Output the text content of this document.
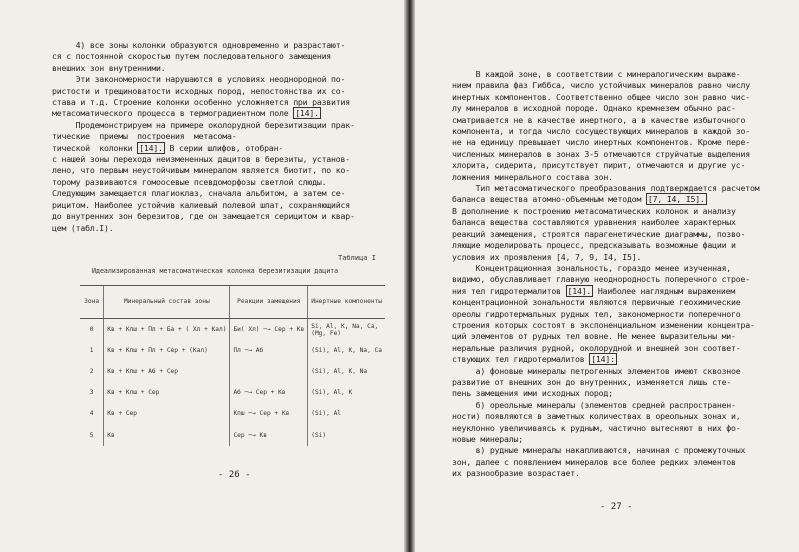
4) все зоны колонки образуются одновременно и разрастают-
ся с постоянной скоростью путем последовательного замещения
внешних зон внутренними.
Эти закономерности нарушаются в условиях неоднородной по-
ристости и трещиноватости исходных пород, непостоянства их со-
става и т.д. Строение колонки особенно усложняется при развития
метасоматического процесса в термоградиентном поле [14].
Продемонстрируем на примере околорудной березитизации прак-
тические  приемы  построения  метасома-
тической  колонки [14]. В серии шлифов, отобран-
с нашей зоны перехода неизмененных дацитов в березиты, установ-
лено, что первым неустойчивым минералом является биотит, по ко-
торому развиваются гомоосевые псевдоморфозы светлой слюды.
Следующим замещается плагиоклаз, сначала альбитом, а затем се-
рицитом. Наиболее устойчив калиевый полевой шпат, сохраняющийся
до внутренних зон березитов, где он замещается серицитом и квар-
цем (табл.I).
Таблица I
Идеализированная метасоматическая колонка березитизации дацита
Зона	Минеральный состав зоны	Реакции замещения	Инертные компоненты
0	Кв + Кпш + Пл + Ба + ( Хл + Кал)	Би( Хл) ─→ Сер + Кв	Si, Al, K, Na, Ca, (Mg, Fe)
1	Кв + Кпш + Пл + Сер + (Кал)	Пл ─→ Аб	(Si), Al, K, Na, Ca
2	Кв + Кпш + Аб + Сер		(Si), Al, K, Na
3	Кв + Кпш + Сер	Аб ─→ Сер + Кв	(Si), Al, K
4	Кв + Сер	Кпш ─→ Сер + Кв	(Si), Al
5	Кв	Сер ─→ Кв	(Si)
- 26 -
В каждой зоне, в соответствии с минералогическим выраже-
нием правила фаз Гиббса, число устойчивых минералов равно числу
инертных компонентов. Соответственно общее число зон равно чис-
лу минералов в исходной породе. Однако кремнезем обычно рас-
сматривается не в качестве инертного, а в качестве избыточного
компонента, и тогда число сосуществующих минералов в каждой зо-
не на единицу превышает число инертных компонентов. Кроме пере-
численных минералов в зонах 3-5 отмечаются струйчатые выделения
хлорита, сидерита, присутствует пирит, отмечаются и другие ус-
ложнения минерального состава зон.
Тип метасоматического преобразования подтверждается расчетом
баланса вещества атомно-объемным методом [7, I4, I5].
В дополнение к построению метасоматических колонок и анализу
баланса вещества составляются уравнения наиболее характерных
реакций замещения, строятся парагенетические диаграммы, позво-
ляющие моделировать процесс, предсказывать возможные фации и
условия их проявления [4, 7, 9, I4, I5].
Концентрационная зональность, гораздо менее изученная,
видимо, обуславливает главную неоднородность поперечного строе-
ния тел гидротермалитов [14]. Наиболее наглядным выражением
концентрационной зональности являются первичные геохимические
ореолы гидротермальных рудных тел, закономерности поперечного
строения которых состоят в экспоненциальном изменении концентра-
ций элементов от рудных тел вовне. Не менее выразительны ми-
неральные различия рудной, околорудной и внешней зон соответ-
ствующих тел гидротермалитов [14]:
а) фоновые минералы петрогенных элементов имеют сквозное
развитие от внешних зон до внутренних, изменяется лишь сте-
пень замещения ими исходных пород;
б) ореольные минералы (элементов средней распространен-
ности) появляются в заметных количествах в ореольных зонах и,
неуклонно увеличиваясь к рудным, частично вытесняют в них фо-
новые минералы;
в) рудные минералы накапливаются, начиная с промежуточных
зон, далее с появлением минералов все более редких элементов
их разнообразие возрастает.
- 27 -
